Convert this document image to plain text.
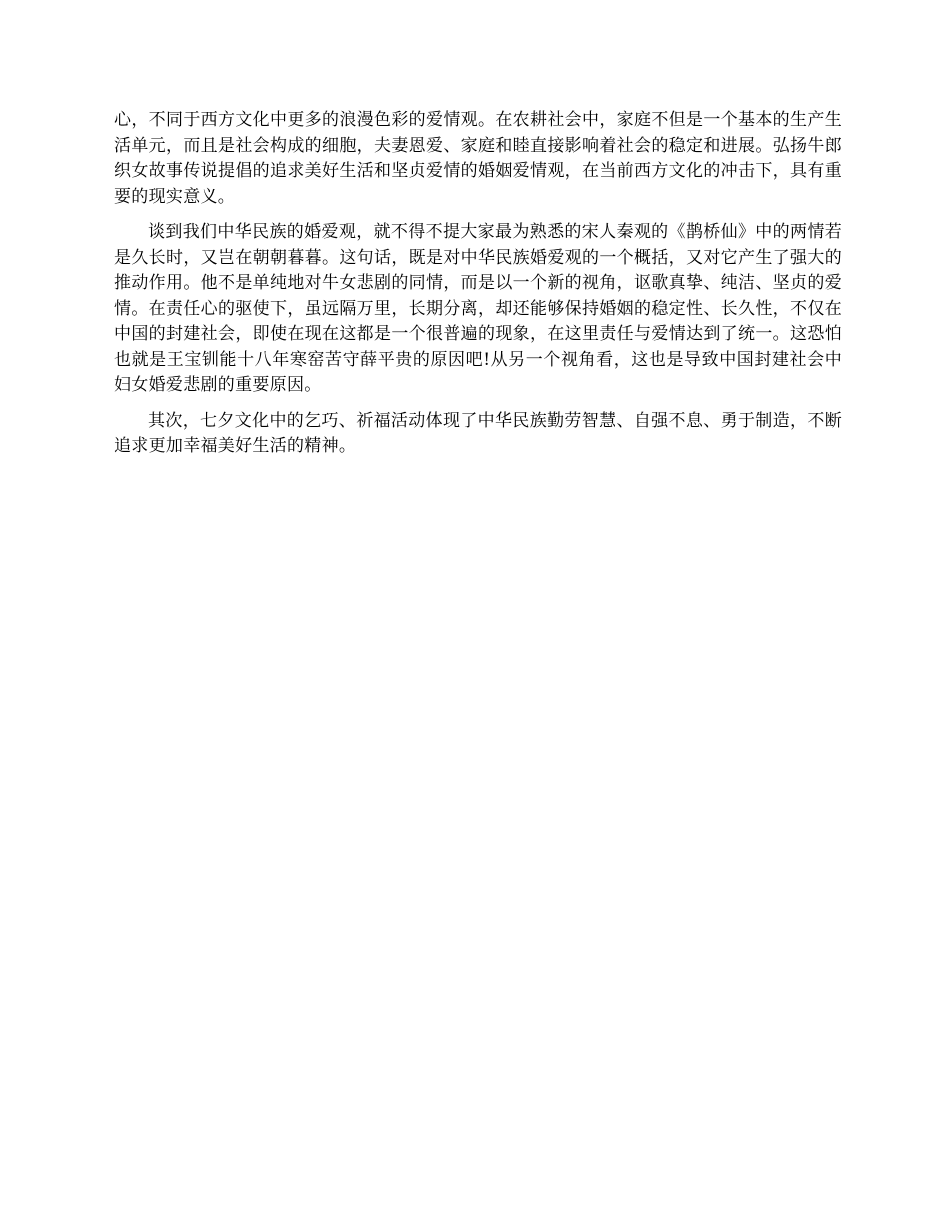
心，不同于西方文化中更多的浪漫色彩的爱情观。在农耕社会中，家庭不但是一个基本的生产生活单元，而且是社会构成的细胞，夫妻恩爱、家庭和睦直接影响着社会的稳定和进展。弘扬牛郎织女故事传说提倡的追求美好生活和坚贞爱情的婚姻爱情观，在当前西方文化的冲击下，具有重要的现实意义。

谈到我们中华民族的婚爱观，就不得不提大家最为熟悉的宋人秦观的《鹊桥仙》中的两情若是久长时，又岂在朝朝暮暮。这句话，既是对中华民族婚爱观的一个概括，又对它产生了强大的推动作用。他不是单纯地对牛女悲剧的同情，而是以一个新的视角，讴歌真挚、纯洁、坚贞的爱情。在责任心的驱使下，虽远隔万里，长期分离，却还能够保持婚姻的稳定性、长久性，不仅在中国的封建社会，即使在现在这都是一个很普遍的现象，在这里责任与爱情达到了统一。这恐怕也就是王宝钏能十八年寒窑苦守薛平贵的原因吧!从另一个视角看，这也是导致中国封建社会中妇女婚爱悲剧的重要原因。

其次，七夕文化中的乞巧、祈福活动体现了中华民族勤劳智慧、自强不息、勇于制造，不断追求更加幸福美好生活的精神。
